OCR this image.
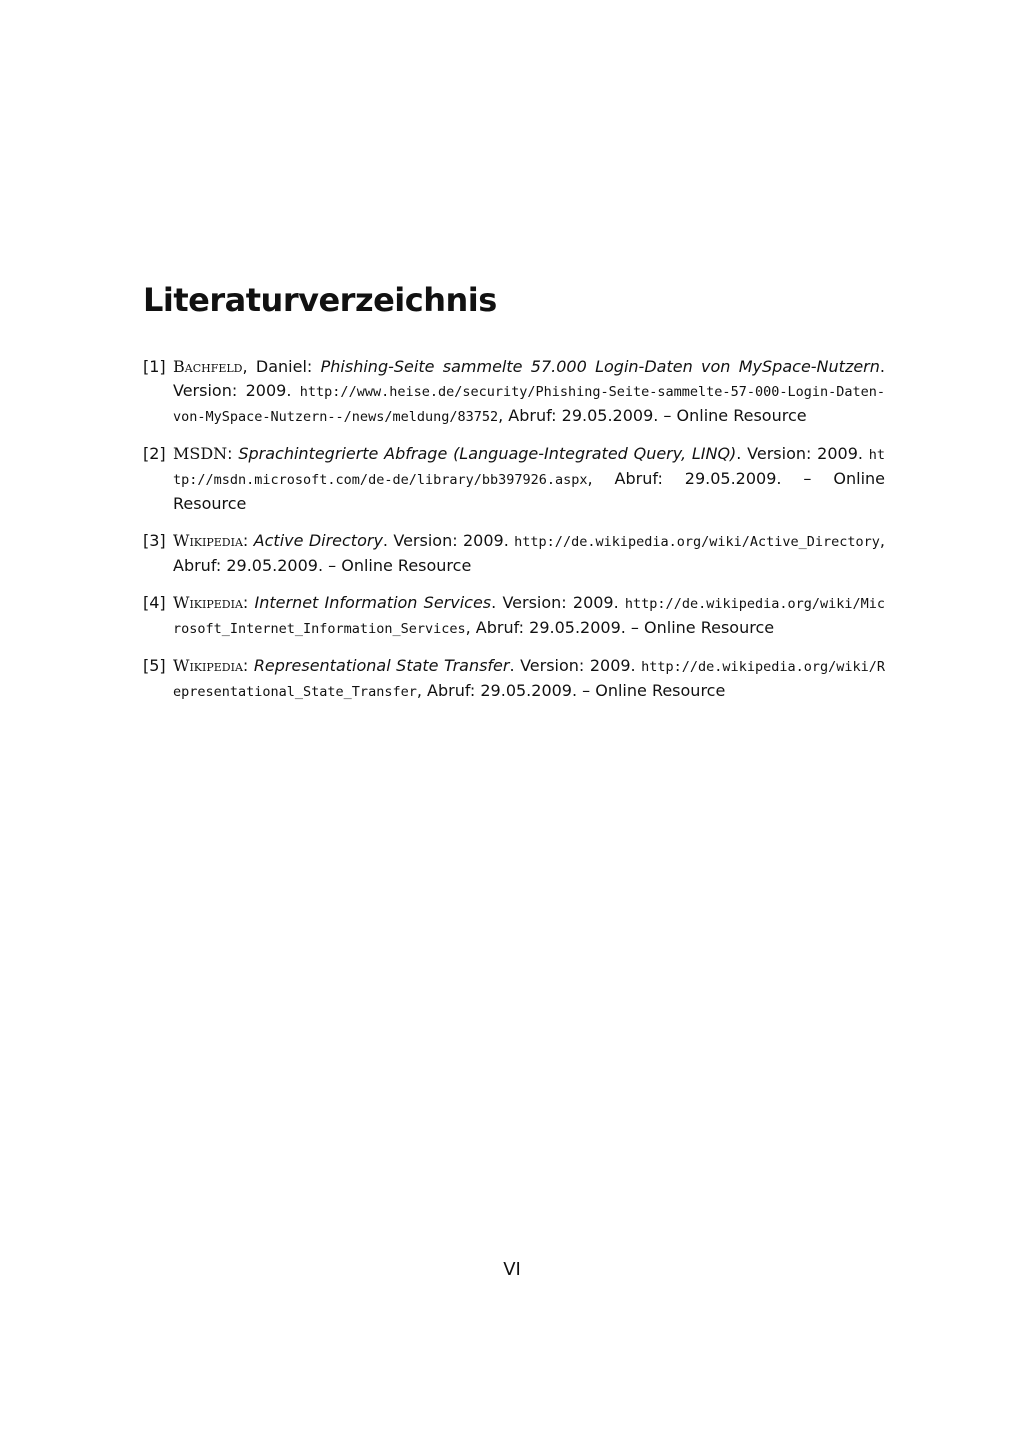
Literaturverzeichnis
[1] Bachfeld, Daniel: Phishing-Seite sammelte 57.000 Login-Daten von MySpace-Nutzern. Version: 2009. http://www.heise.de/security/Phishing-Seite-sammelte-57-000-Login-Daten-von-MySpace-Nutzern--/news/meldung/83752, Abruf: 29.05.2009. – Online Resource
[2] MSDN: Sprachintegrierte Abfrage (Language-Integrated Query, LINQ). Version: 2009. http://msdn.microsoft.com/de-de/library/bb397926.aspx, Abruf: 29.05.2009. – Online Resource
[3] Wikipedia: Active Directory. Version: 2009. http://de.wikipedia.org/wiki/Active_Directory, Abruf: 29.05.2009. – Online Resource
[4] Wikipedia: Internet Information Services. Version: 2009. http://de.wikipedia.org/wiki/Microsoft_Internet_Information_Services, Abruf: 29.05.2009. – Online Resource
[5] Wikipedia: Representational State Transfer. Version: 2009. http://de.wikipedia.org/wiki/Representational_State_Transfer, Abruf: 29.05.2009. – Online Resource
VI
